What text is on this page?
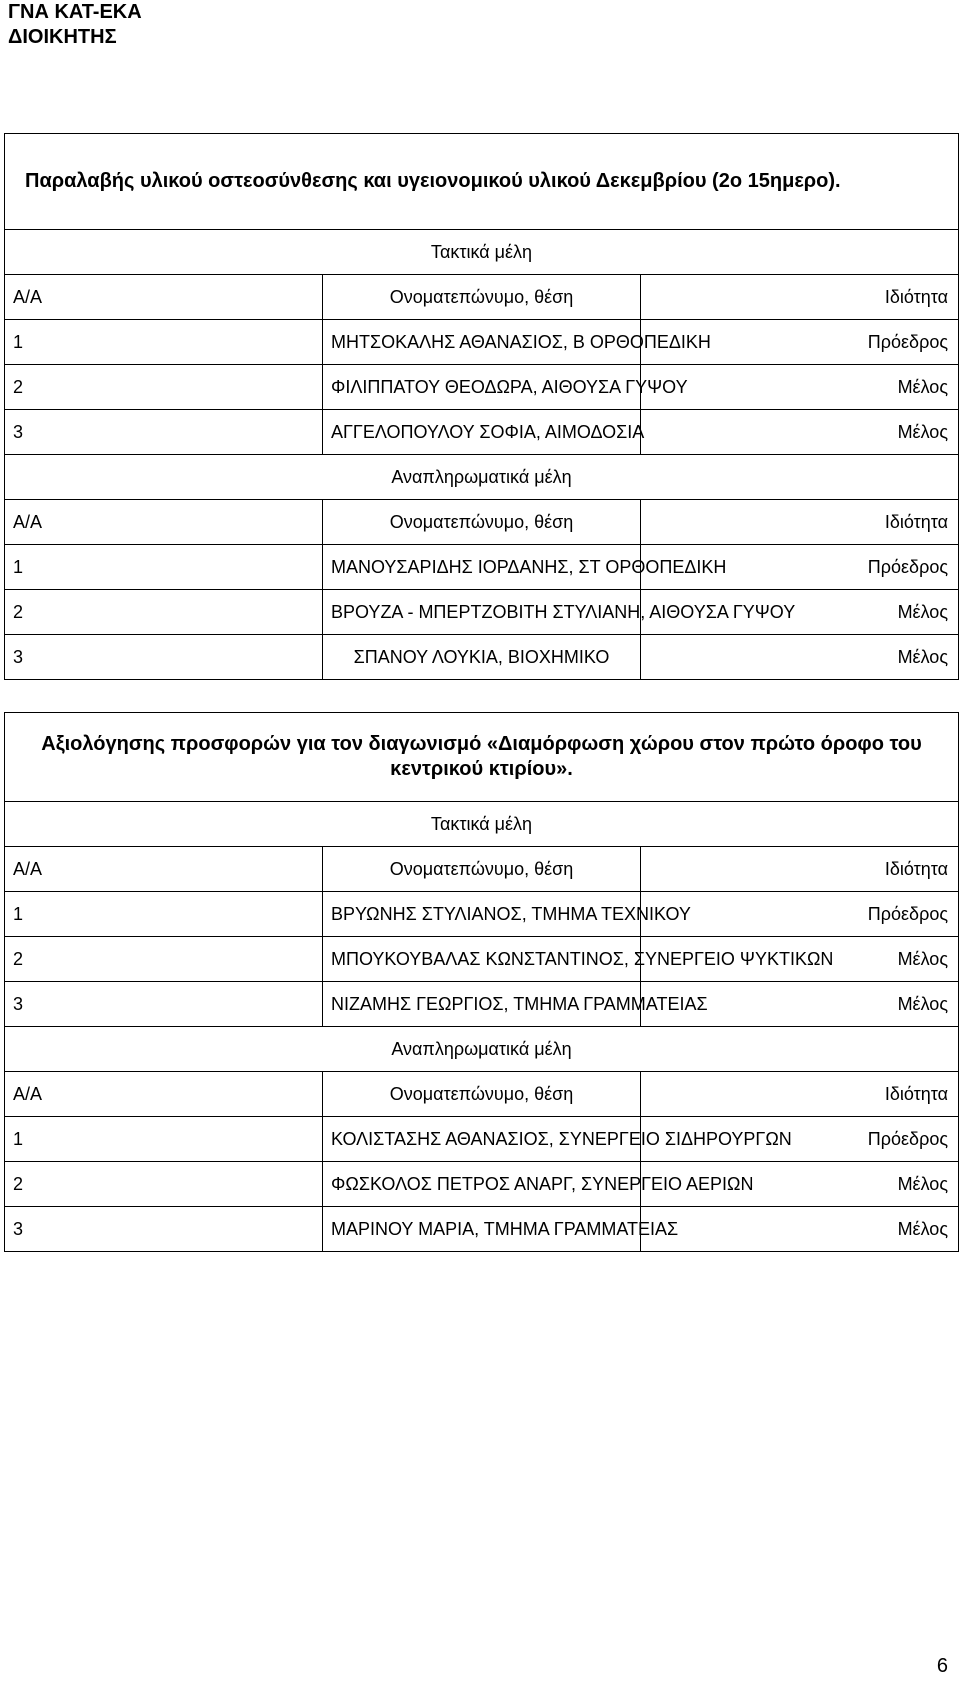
ΓΝΑ ΚΑΤ-ΕΚΑ
ΔΙΟΙΚΗΤΗΣ
Παραλαβής υλικού οστεοσύνθεσης και υγειονομικού υλικού Δεκεμβρίου (2ο 15ημερο).		
Τακτικά μέλη		
Α/Α	Ονοματεπώνυμο, θέση	Ιδιότητα
1	ΜΗΤΣΟΚΑΛΗΣ ΑΘΑΝΑΣΙΟΣ, Β ΟΡΘΟΠΕΔΙΚΗ	Πρόεδρος
2	ΦΙΛΙΠΠΑΤΟΥ ΘΕΟΔΩΡΑ, ΑΙΘΟΥΣΑ ΓΥΨΟΥ	Μέλος
3	ΑΓΓΕΛΟΠΟΥΛΟΥ ΣΟΦΙΑ, ΑΙΜΟΔΟΣΙΑ	Μέλος
Αναπληρωματικά μέλη		
Α/Α	Ονοματεπώνυμο, θέση	Ιδιότητα
1	ΜΑΝΟΥΣΑΡΙΔΗΣ ΙΟΡΔΑΝΗΣ, ΣΤ ΟΡΘΟΠΕΔΙΚΗ	Πρόεδρος
2	ΒΡΟΥΖΑ - ΜΠΕΡΤΖΟΒΙΤΗ ΣΤΥΛΙΑΝΗ, ΑΙΘΟΥΣΑ ΓΥΨΟΥ	Μέλος
3	ΣΠΑΝΟΥ ΛΟΥΚΙΑ, ΒΙΟΧΗΜΙΚΟ	Μέλος
Αξιολόγησης προσφορών για τον διαγωνισμό «Διαμόρφωση χώρου στον πρώτο όροφο του κεντρικού κτιρίου».		
Τακτικά μέλη		
Α/Α	Ονοματεπώνυμο, θέση	Ιδιότητα
1	ΒΡΥΩΝΗΣ ΣΤΥΛΙΑΝΟΣ, ΤΜΗΜΑ ΤΕΧΝΙΚΟΥ	Πρόεδρος
2	ΜΠΟΥΚΟΥΒΑΛΑΣ ΚΩΝΣΤΑΝΤΙΝΟΣ, ΣΥΝΕΡΓΕΙΟ ΨΥΚΤΙΚΩΝ	Μέλος
3	ΝΙΖΑΜΗΣ ΓΕΩΡΓΙΟΣ, ΤΜΗΜΑ ΓΡΑΜΜΑΤΕΙΑΣ	Μέλος
Αναπληρωματικά μέλη		
Α/Α	Ονοματεπώνυμο, θέση	Ιδιότητα
1	ΚΟΛΙΣΤΑΣΗΣ ΑΘΑΝΑΣΙΟΣ, ΣΥΝΕΡΓΕΙΟ ΣΙΔΗΡΟΥΡΓΩΝ	Πρόεδρος
2	ΦΩΣΚΟΛΟΣ ΠΕΤΡΟΣ ΑΝΑΡΓ, ΣΥΝΕΡΓΕΙΟ ΑΕΡΙΩΝ	Μέλος
3	ΜΑΡΙΝΟΥ ΜΑΡΙΑ, ΤΜΗΜΑ ΓΡΑΜΜΑΤΕΙΑΣ	Μέλος
6
